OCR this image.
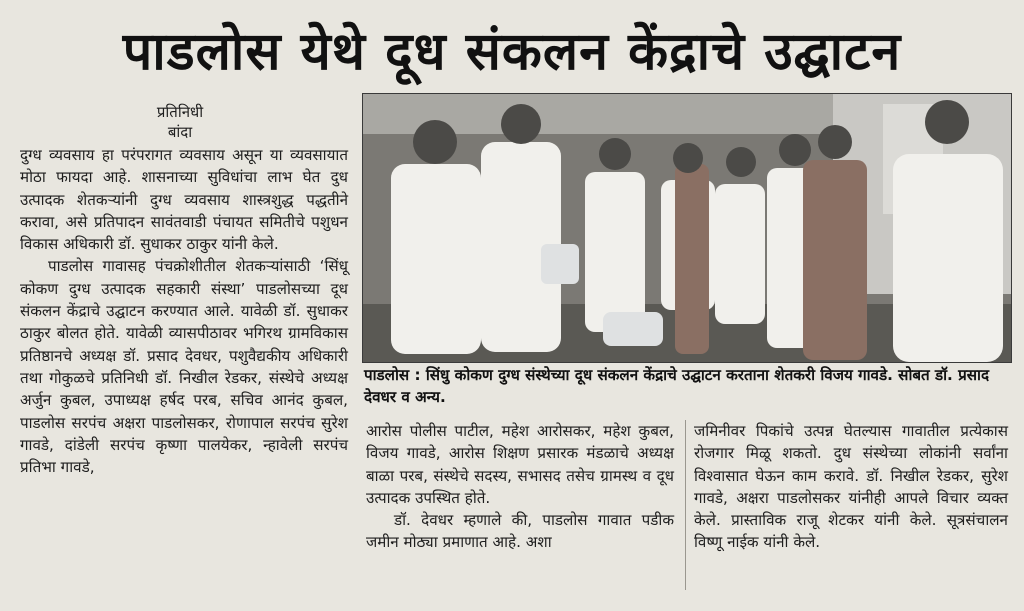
पाडलोस येथे दूध संकलन केंद्राचे उद्घाटन
प्रतिनिधी
बांदा

दुग्ध व्यवसाय हा परंपरागत व्यवसाय असून या व्यवसायात मोठा फायदा आहे. शासनाच्या सुविधांचा लाभ घेत दुध उत्पादक शेतकऱ्यांनी दुग्ध व्यवसाय शास्त्रशुद्ध पद्धतीने करावा, असे प्रतिपादन सावंतवाडी पंचायत समितीचे पशुधन विकास अधिकारी डॉ. सुधाकर ठाकुर यांनी केले.

पाडलोस गावासह पंचक्रोशीतील शेतकऱ्यांसाठी ‘सिंधू कोकण दुग्ध उत्पादक सहकारी संस्था’ पाडलोसच्या दूध संकलन केंद्राचे उद्घाटन करण्यात आले. यावेळी डॉ. सुधाकर ठाकुर बोलत होते. यावेळी व्यासपीठावर भगिरथ ग्रामविकास प्रतिष्ठानचे अध्यक्ष डॉ. प्रसाद देवधर, पशुवैद्यकीय अधिकारी तथा गोकुळचे प्रतिनिधी डॉ. निखील रेडकर, संस्थेचे अध्यक्ष अर्जुन कुबल, उपाध्यक्ष हर्षद परब, सचिव आनंद कुबल, पाडलोस सरपंच अक्षरा पाडलोसकर, रोणापाल सरपंच सुरेश गावडे, दांडेली सरपंच कृष्णा पालयेकर, न्हावेली सरपंच प्रतिभा गावडे,

पाडलोस : सिंधु कोकण दुग्ध संस्थेच्या दूध संकलन केंद्राचे उद्घाटन करताना शेतकरी विजय गावडे. सोबत डॉ. प्रसाद देवधर व अन्य.

आरोस पोलीस पाटील, महेश आरोसकर, महेश कुबल, विजय गावडे, आरोस शिक्षण प्रसारक मंडळाचे अध्यक्ष बाळा परब, संस्थेचे सदस्य, सभासद तसेच ग्रामस्थ व दूध उत्पादक उपस्थित होते.

डॉ. देवधर म्हणाले की, पाडलोस गावात पडीक जमीन मोठ्या प्रमाणात आहे. अशा

जमिनीवर पिकांचे उत्पन्न घेतल्यास गावातील प्रत्येकास रोजगार मिळू शकतो. दुध संस्थेच्या लोकांनी सर्वांना विश्वासात घेऊन काम करावे. डॉ. निखील रेडकर, सुरेश गावडे, अक्षरा पाडलोसकर यांनीही आपले विचार व्यक्त केले. प्रास्ताविक राजू शेटकर यांनी केले. सूत्रसंचालन विष्णू नाईक यांनी केले.
